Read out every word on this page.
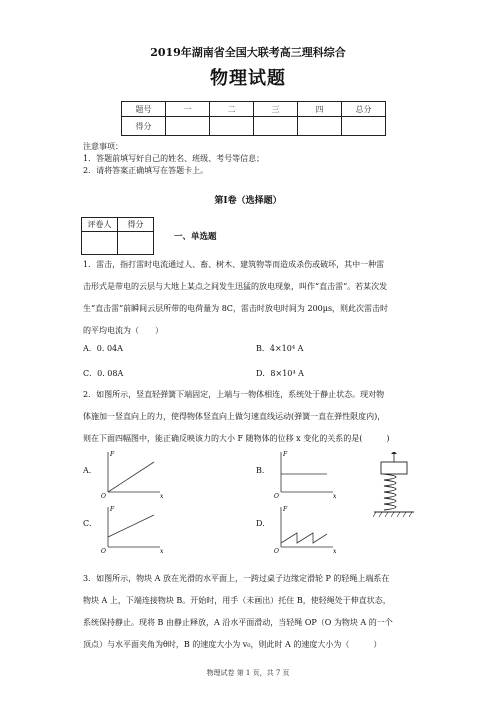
2019年湖南省全国大联考高三理科综合
物理试题
题号	一	二	三	四	总分
得分					
注意事项：
1．答题前填写好自己的姓名、班级、考号等信息；
2．请将答案正确填写在答题卡上。
第I卷（选择题）
评卷人	得分

一、单选题
1．雷击，指打雷时电流通过人、畜、树木、建筑物等而造成杀伤或破坏，其中一种雷
击形式是带电的云层与大地上某点之间发生迅猛的放电现象，叫作“直击雷”。若某次发
生“直击雷”前瞬间云层所带的电荷量为 8C，雷击时放电时间为 200μs，则此次雷击时
的平均电流为（　　）
A．0. 04A	B．4×10⁴ A
C．0. 08A	D．8×10⁴ A
2．如图所示，竖直轻弹簧下端固定，上端与一物体相连，系统处于静止状态。现对物
体施加一竖直向上的力，使得物体竖直向上做匀速直线运动(弹簧一直在弹性限度内)，
则在下面四幅图中，能正确反映该力的大小 F 随物体的位移 x 变化的关系的是(　　　)
A．	B．
C．	D．
F
O	x
F
O	x
F
O	x
F
O	x
3．如图所示，物块 A 放在光滑的水平面上，一跨过桌子边缘定滑轮 P 的轻绳上端系在
物块 A 上，下端连接物块 B。开始时，用手（未画出）托住 B，使轻绳处于伸直状态，
系统保持静止。现将 B 由静止释放，A 沿水平面滑动，当轻绳 OP（O 为物块 A 的一个
顶点）与水平面夹角为θ时，B 的速度大小为 v₀，则此时 A 的速度大小为（　　　）
物理试卷 第 1 页，共 7 页
